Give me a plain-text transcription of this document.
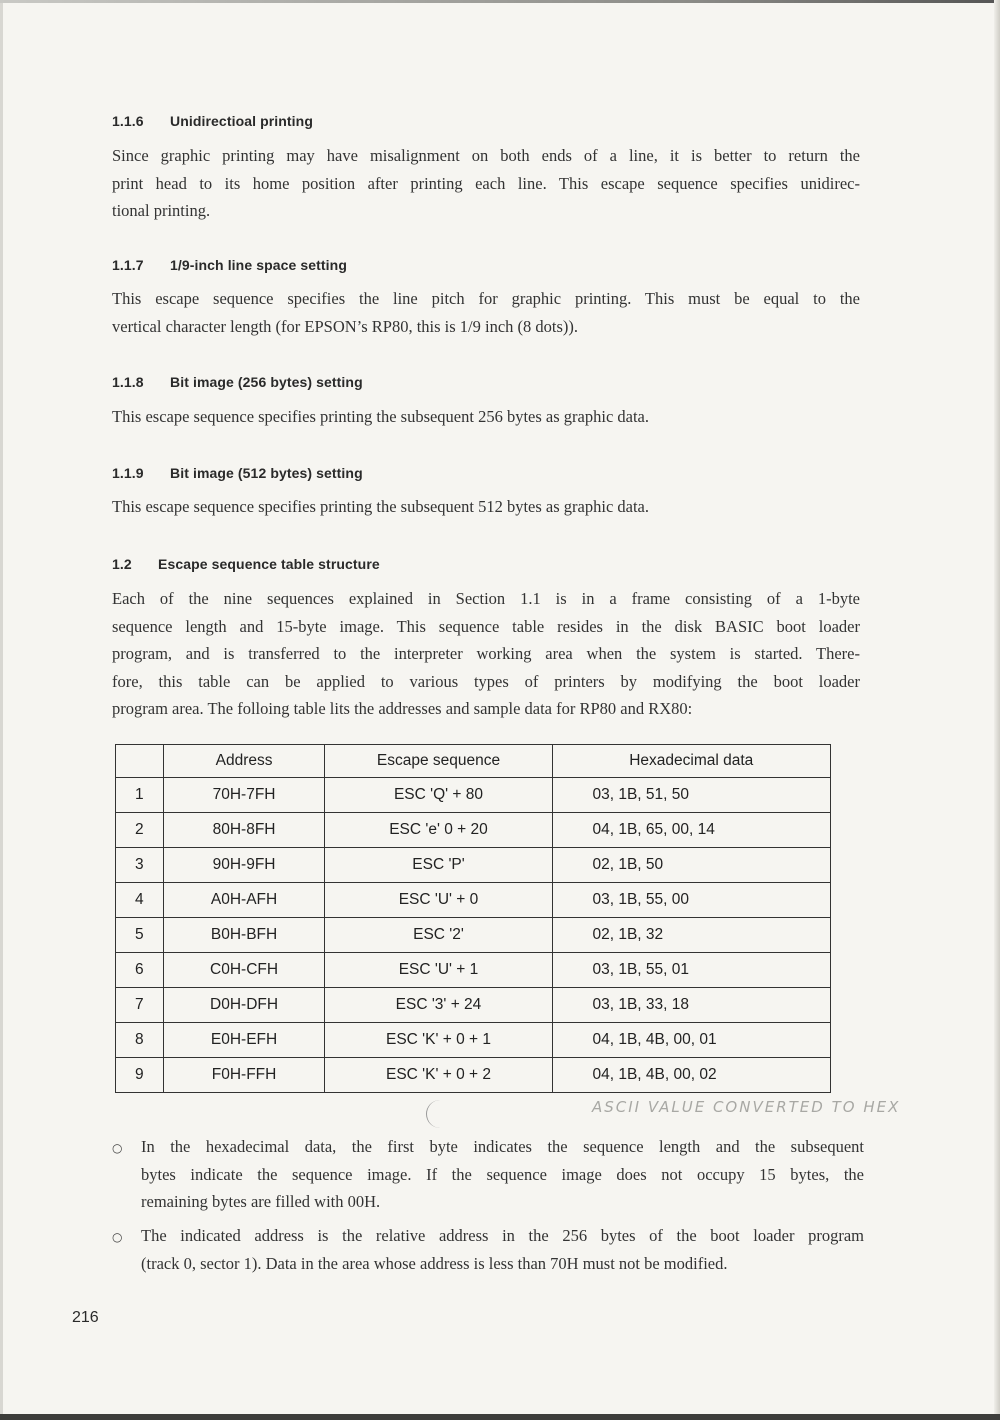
1.1.6 Unidirectioal printing
Since graphic printing may have misalignment on both ends of a line, it is better to return the
print head to its home position after printing each line. This escape sequence specifies unidirec-
tional printing.
1.1.7 1/9-inch line space setting
This escape sequence specifies the line pitch for graphic printing. This must be equal to the
vertical character length (for EPSON’s RP80, this is 1/9 inch (8 dots)).
1.1.8 Bit image (256 bytes) setting
This escape sequence specifies printing the subsequent 256 bytes as graphic data.
1.1.9 Bit image (512 bytes) setting
This escape sequence specifies printing the subsequent 512 bytes as graphic data.
1.2 Escape sequence table structure
Each of the nine sequences explained in Section 1.1 is in a frame consisting of a 1-byte
sequence length and 15-byte image. This sequence table resides in the disk BASIC boot loader
program, and is transferred to the interpreter working area when the system is started. There-
fore, this table can be applied to various types of printers by modifying the boot loader
program area. The folloing table lits the addresses and sample data for RP80 and RX80:
	Address	Escape sequence	Hexadecimal data
1	70H-7FH	ESC 'Q' + 80	03, 1B, 51, 50
2	80H-8FH	ESC 'e' 0 + 20	04, 1B, 65, 00, 14
3	90H-9FH	ESC 'P'	02, 1B, 50
4	A0H-AFH	ESC 'U' + 0	03, 1B, 55, 00
5	B0H-BFH	ESC '2'	02, 1B, 32
6	C0H-CFH	ESC 'U' + 1	03, 1B, 55, 01
7	D0H-DFH	ESC '3' + 24	03, 1B, 33, 18
8	E0H-EFH	ESC 'K' + 0 + 1	04, 1B, 4B, 00, 01
9	F0H-FFH	ESC 'K' + 0 + 2	04, 1B, 4B, 00, 02
ASCII VALUE CONVERTED TO HEX
○ In the hexadecimal data, the first byte indicates the sequence length and the subsequent
bytes indicate the sequence image. If the sequence image does not occupy 15 bytes, the
remaining bytes are filled with 00H.
○ The indicated address is the relative address in the 256 bytes of the boot loader program
(track 0, sector 1). Data in the area whose address is less than 70H must not be modified.
216
